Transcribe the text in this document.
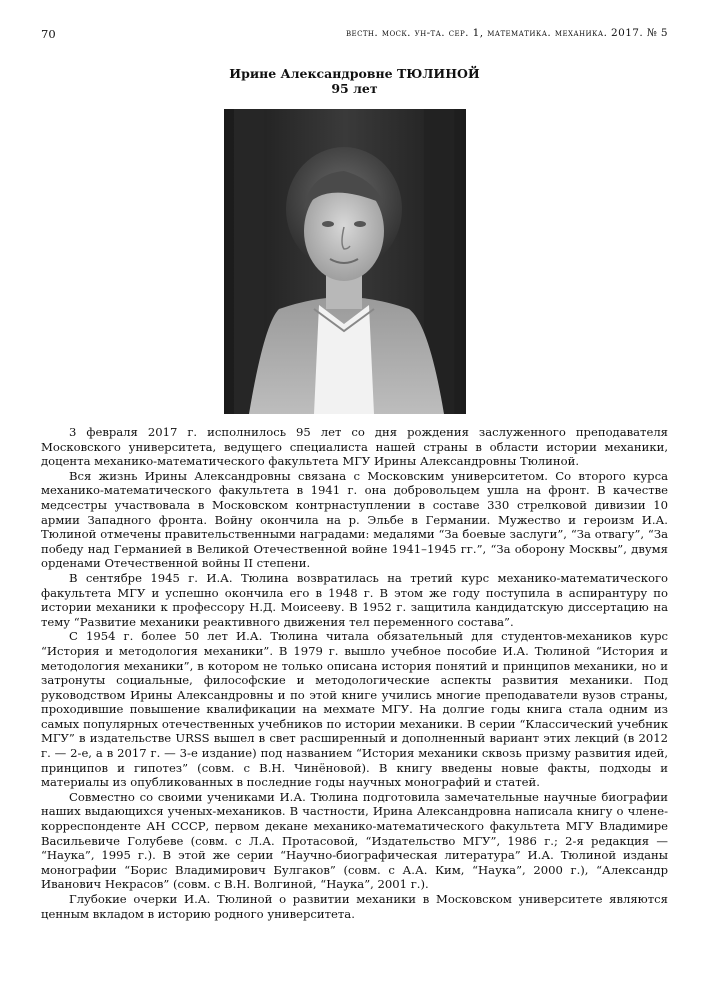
70	вестн. моск. ун-та. сер. 1, математика. механика. 2017. № 5
Ирине Александровне ТЮЛИНОЙ
95 лет

3 февраля 2017 г. исполнилось 95 лет со дня рождения заслуженного преподавателя Московского университета, ведущего специалиста нашей страны в области истории механики, доцента механико-математического факультета МГУ Ирины Александровны Тюлиной.

Вся жизнь Ирины Александровны связана с Московским университетом. Со второго курса механико-математического факультета в 1941 г. она добровольцем ушла на фронт. В качестве медсестры участвовала в Московском контрнаступлении в составе 330 стрелковой дивизии 10 армии Западного фронта. Войну окончила на р. Эльбе в Германии. Мужество и героизм И.А. Тюлиной отмечены правительственными наградами: медалями “За боевые заслуги”, “За отвагу”, “За победу над Германией в Великой Отечественной войне 1941–1945 гг.”, “За оборону Москвы”, двумя орденами Отечественной войны II степени.

В сентябре 1945 г. И.А. Тюлина возвратилась на третий курс механико-математического факультета МГУ и успешно окончила его в 1948 г. В этом же году поступила в аспирантуру по истории механики к профессору Н.Д. Моисееву. В 1952 г. защитила кандидатскую диссертацию на тему “Развитие механики реактивного движения тел переменного состава”.

С 1954 г. более 50 лет И.А. Тюлина читала обязательный для студентов-механиков курс “История и методология механики”. В 1979 г. вышло учебное пособие И.А. Тюлиной “История и методология механики”, в котором не только описана история понятий и принципов механики, но и затронуты социальные, философские и методологические аспекты развития механики. Под руководством Ирины Александровны и по этой книге учились многие преподаватели вузов страны, проходившие повышение квалификации на мехмате МГУ. На долгие годы книга стала одним из самых популярных отечественных учебников по истории механики. В серии “Классический учебник МГУ” в издательстве URSS вышел в свет расширенный и дополненный вариант этих лекций (в 2012 г. — 2-е, а в 2017 г. — 3-е издание) под названием “История механики сквозь призму развития идей, принципов и гипотез” (совм. с В.Н. Чинёновой). В книгу введены новые факты, подходы и материалы из опубликованных в последние годы научных монографий и статей.

Совместно со своими учениками И.А. Тюлина подготовила замечательные научные биографии наших выдающихся ученых-механиков. В частности, Ирина Александровна написала книгу о члене-корреспонденте АН СССР, первом декане механико-математического факультета МГУ Владимире Васильевиче Голубеве (совм. с Л.А. Протасовой, “Издательство МГУ”, 1986 г.; 2-я редакция — “Наука”, 1995 г.). В этой же серии “Научно-биографическая литература” И.А. Тюлиной изданы монографии “Борис Владимирович Булгаков” (совм. с А.А. Ким, “Наука”, 2000 г.), “Александр Иванович Некрасов” (совм. с В.Н. Волгиной, “Наука”, 2001 г.).

Глубокие очерки И.А. Тюлиной о развитии механики в Московском университете являются ценным вкладом в историю родного университета.
